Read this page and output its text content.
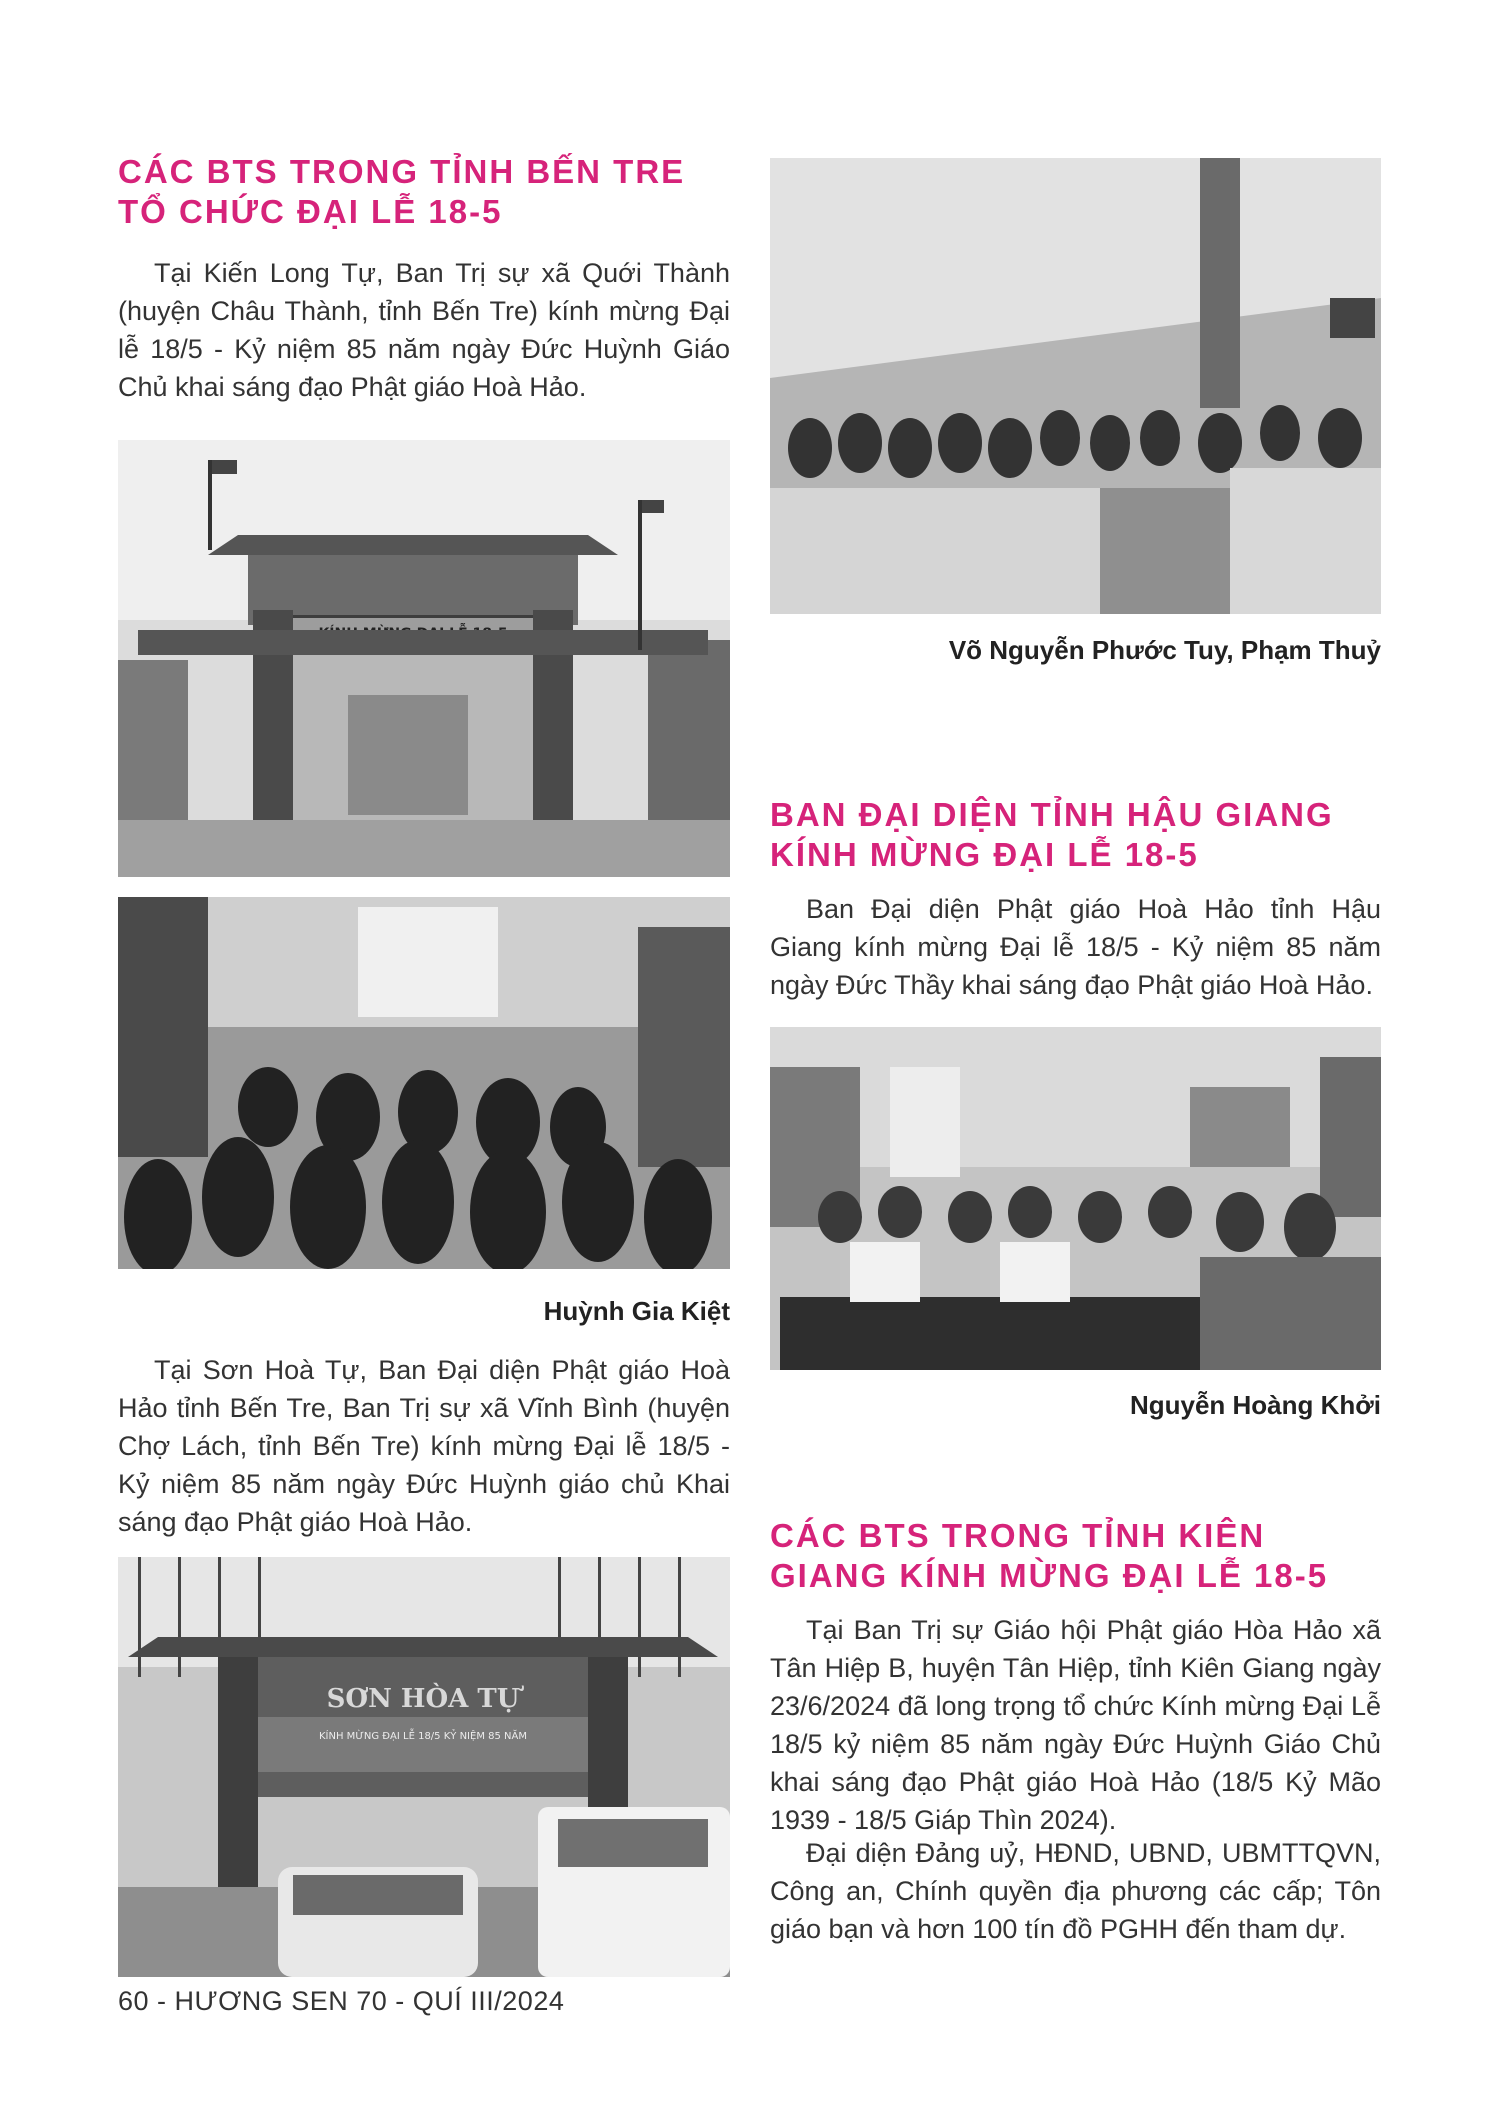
CÁC BTS TRONG TỈNH BẾN TRE TỔ CHỨC ĐẠI LỄ 18-5

Tại Kiến Long Tự, Ban Trị sự xã Quới Thành (huyện Châu Thành, tỉnh Bến Tre) kính mừng Đại lễ 18/5 - Kỷ niệm 85 năm ngày Đức Huỳnh Giáo Chủ khai sáng đạo Phật giáo Hoà Hảo.

Huỳnh Gia Kiệt

Tại Sơn Hoà Tự, Ban Đại diện Phật giáo Hoà Hảo tỉnh Bến Tre, Ban Trị sự xã Vĩnh Bình (huyện Chợ Lách, tỉnh Bến Tre) kính mừng Đại lễ 18/5 - Kỷ niệm 85 năm ngày Đức Huỳnh giáo chủ Khai sáng đạo Phật giáo Hoà Hảo.

SƠN HÒA TỰ
KÍNH MỪNG ĐẠI LỄ 18/5 KỶ NIỆM 85 NĂM
Võ Nguyễn Phước Tuy, Phạm Thuỷ
BAN ĐẠI DIỆN TỈNH HẬU GIANG KÍNH MỪNG ĐẠI LỄ 18-5

Ban Đại diện Phật giáo Hoà Hảo tỉnh Hậu Giang kính mừng Đại lễ 18/5 - Kỷ niệm 85 năm ngày Đức Thầy khai sáng đạo Phật giáo Hoà Hảo.

Nguyễn Hoàng Khởi
CÁC BTS TRONG TỈNH KIÊN GIANG KÍNH MỪNG ĐẠI LỄ 18-5

Tại Ban Trị sự Giáo hội Phật giáo Hòa Hảo xã Tân Hiệp B, huyện Tân Hiệp, tỉnh Kiên Giang ngày 23/6/2024 đã long trọng tổ chức Kính mừng Đại Lễ 18/5 kỷ niệm 85 năm ngày Đức Huỳnh Giáo Chủ khai sáng đạo Phật giáo Hoà Hảo (18/5 Kỷ Mão 1939 - 18/5 Giáp Thìn 2024).

Đại diện Đảng uỷ, HĐND, UBND, UBMTTQVN, Công an, Chính quyền địa phương các cấp; Tôn giáo bạn và hơn 100 tín đồ PGHH đến tham dự.

60 - HƯƠNG SEN 70 - QUÍ III/2024
